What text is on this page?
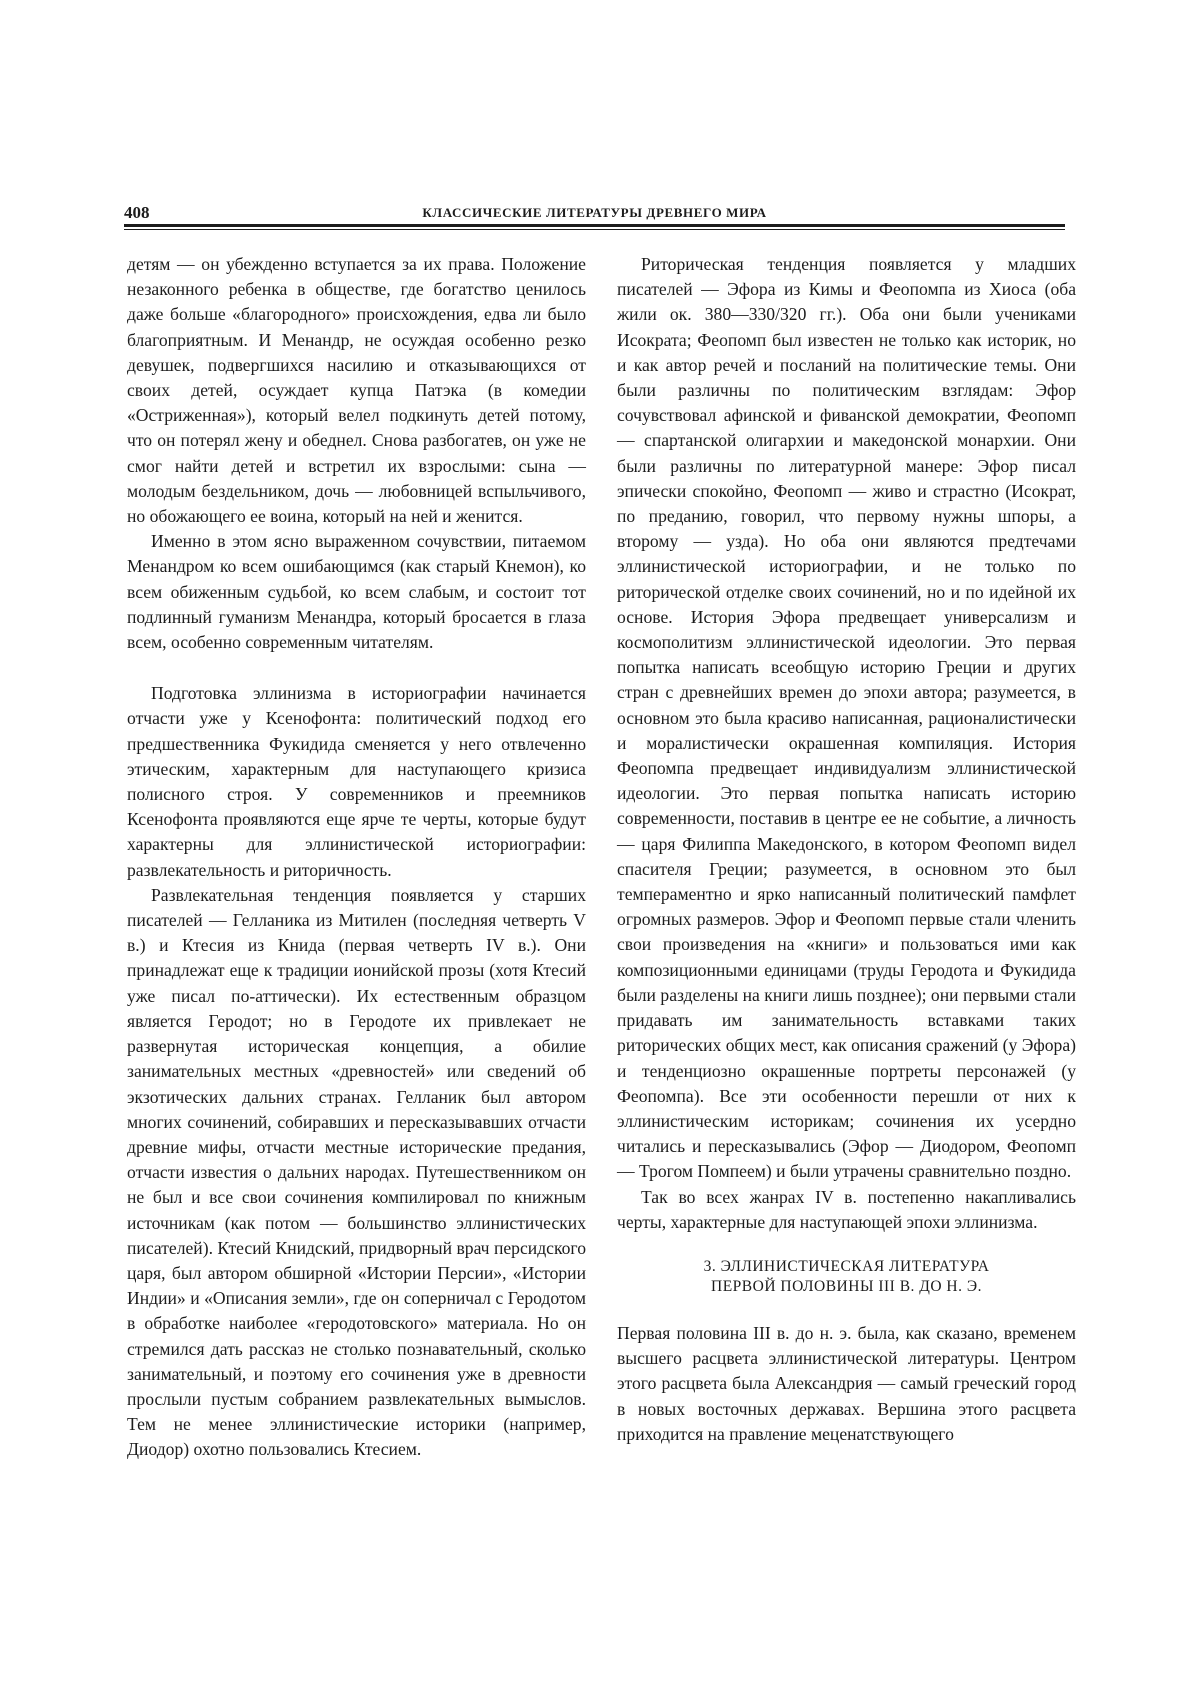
408	КЛАССИЧЕСКИЕ ЛИТЕРАТУРЫ ДРЕВНЕГО МИРА

детям — он убежденно вступается за их права. Положение незаконного ребенка в обществе, где богатство ценилось даже больше «благородного» происхождения, едва ли было благоприятным. И Менандр, не осуждая особенно резко девушек, подвергшихся насилию и отказывающихся от своих детей, осуждает купца Патэка (в комедии «Остриженная»), который велел подкинуть детей потому, что он потерял жену и обеднел. Снова разбогатев, он уже не смог найти детей и встретил их взрослыми: сына — молодым бездельником, дочь — любовницей вспыльчивого, но обожающего ее воина, который на ней и женится.

Именно в этом ясно выраженном сочувствии, питаемом Менандром ко всем ошибающимся (как старый Кнемон), ко всем обиженным судьбой, ко всем слабым, и состоит тот подлинный гуманизм Менандра, который бросается в глаза всем, особенно современным читателям.

Подготовка эллинизма в историографии начинается отчасти уже у Ксенофонта: политический подход его предшественника Фукидида сменяется у него отвлеченно этическим, характерным для наступающего кризиса полисного строя. У современников и преемников Ксенофонта проявляются еще ярче те черты, которые будут характерны для эллинистической историографии: развлекательность и риторичность.

Развлекательная тенденция появляется у старших писателей — Гелланика из Митилен (последняя четверть V в.) и Ктесия из Книда (первая четверть IV в.). Они принадлежат еще к традиции ионийской прозы (хотя Ктесий уже писал по-аттически). Их естественным образцом является Геродот; но в Геродоте их привлекает не развернутая историческая концепция, а обилие занимательных местных «древностей» или сведений об экзотических дальних странах. Гелланик был автором многих сочинений, собиравших и пересказывавших отчасти древние мифы, отчасти местные исторические предания, отчасти известия о дальних народах. Путешественником он не был и все свои сочинения компилировал по книжным источникам (как потом — большинство эллинистических писателей). Ктесий Книдский, придворный врач персидского царя, был автором обширной «Истории Персии», «Истории Индии» и «Описания земли», где он соперничал с Геродотом в обработке наиболее «геродотовского» материала. Но он стремился дать рассказ не столько познавательный, сколько занимательный, и поэтому его сочинения уже в древности прослыли пустым собранием развлекательных вымыслов. Тем не менее эллинистические историки (например, Диодор) охотно пользовались Ктесием.

Риторическая тенденция появляется у младших писателей — Эфора из Кимы и Феопомпа из Хиоса (оба жили ок. 380—330/320 гг.). Оба они были учениками Исократа; Феопомп был известен не только как историк, но и как автор речей и посланий на политические темы. Они были различны по политическим взглядам: Эфор сочувствовал афинской и фиванской демократии, Феопомп — спартанской олигархии и македонской монархии. Они были различны по литературной манере: Эфор писал эпически спокойно, Феопомп — живо и страстно (Исократ, по преданию, говорил, что первому нужны шпоры, а второму — узда). Но оба они являются предтечами эллинистической историографии, и не только по риторической отделке своих сочинений, но и по идейной их основе. История Эфора предвещает универсализм и космополитизм эллинистической идеологии. Это первая попытка написать всеобщую историю Греции и других стран с древнейших времен до эпохи автора; разумеется, в основном это была красиво написанная, рационалистически и моралистически окрашенная компиляция. История Феопомпа предвещает индивидуализм эллинистической идеологии. Это первая попытка написать историю современности, поставив в центре ее не событие, а личность — царя Филиппа Македонского, в котором Феопомп видел спасителя Греции; разумеется, в основном это был темпераментно и ярко написанный политический памфлет огромных размеров. Эфор и Феопомп первые стали членить свои произведения на «книги» и пользоваться ими как композиционными единицами (труды Геродота и Фукидида были разделены на книги лишь позднее); они первыми стали придавать им занимательность вставками таких риторических общих мест, как описания сражений (у Эфора) и тенденциозно окрашенные портреты персонажей (у Феопомпа). Все эти особенности перешли от них к эллинистическим историкам; сочинения их усердно читались и пересказывались (Эфор — Диодором, Феопомп — Трогом Помпеем) и были утрачены сравнительно поздно.

Так во всех жанрах IV в. постепенно накапливались черты, характерные для наступающей эпохи эллинизма.

3. ЭЛЛИНИСТИЧЕСКАЯ ЛИТЕРАТУРА
ПЕРВОЙ ПОЛОВИНЫ III В. ДО Н. Э.

Первая половина III в. до н. э. была, как сказано, временем высшего расцвета эллинистической литературы. Центром этого расцвета была Александрия — самый греческий город в новых восточных державах. Вершина этого расцвета приходится на правление меценатствующего
